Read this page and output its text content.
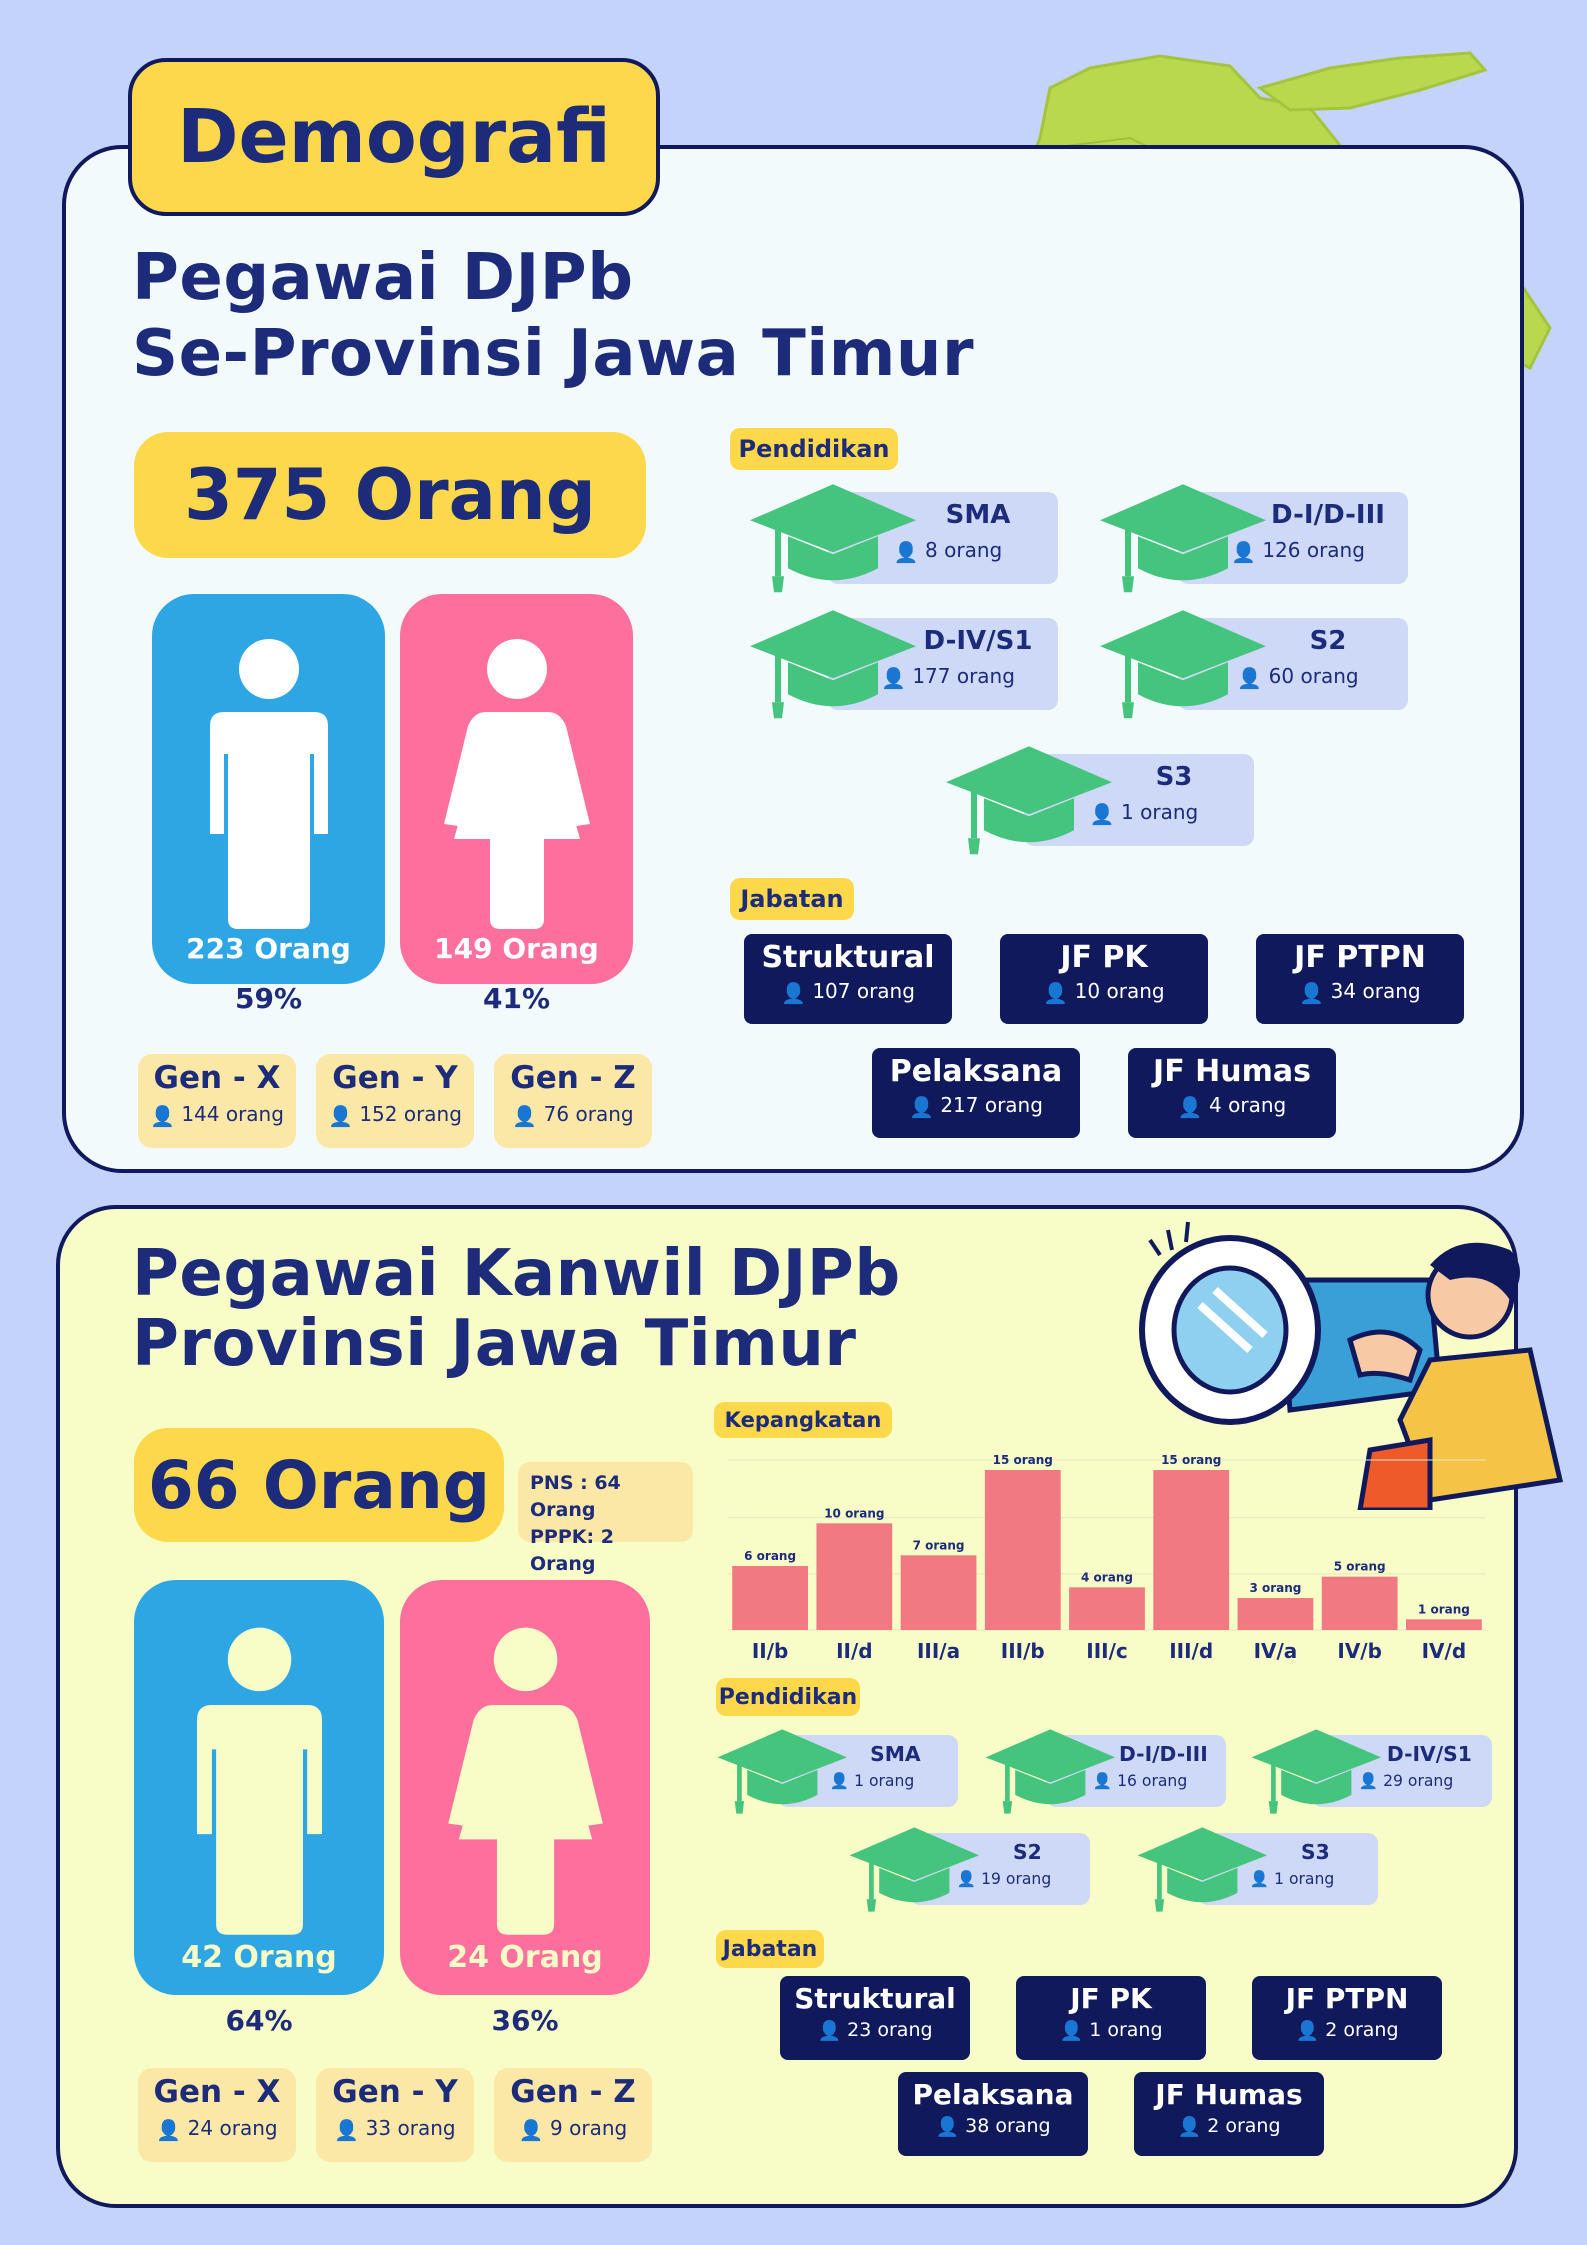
Demografi
Pegawai DJPb
Se-Provinsi Jawa Timur
375 Orang
223 Orang
59%
149 Orang
41%
Gen - X
👤 144 orang
Gen - Y
👤 152 orang
Gen - Z
👤 76 orang
Pendidikan
SMA
👤 8 orang
D-I/D-III
👤 126 orang
D-IV/S1
👤 177 orang
S2
👤 60 orang
S3
👤 1 orang
Jabatan
Struktural
👤 107 orang
JF PK
👤 10 orang
JF PTPN
👤 34 orang
Pelaksana
👤 217 orang
JF Humas
👤 4 orang
Pegawai Kanwil DJPb
Provinsi Jawa Timur
66 Orang	PNS : 64 Orang
PPPK: 2 Orang
42 Orang
64%
24 Orang
36%
Gen - X
👤 24 orang
Gen - Y
👤 33 orang
Gen - Z
👤 9 orang
Kepangkatan
6 orang
II/b
10 orang
II/d
7 orang
III/a
15 orang
III/b
4 orang
III/c
15 orang
III/d
3 orang
IV/a
5 orang
IV/b
1 orang
IV/d
Pendidikan
SMA
👤 1 orang
D-I/D-III
👤 16 orang
D-IV/S1
👤 29 orang
S2
👤 19 orang
S3
👤 1 orang
Jabatan
Struktural
👤 23 orang
JF PK
👤 1 orang
JF PTPN
👤 2 orang
Pelaksana
👤 38 orang
JF Humas
👤 2 orang
